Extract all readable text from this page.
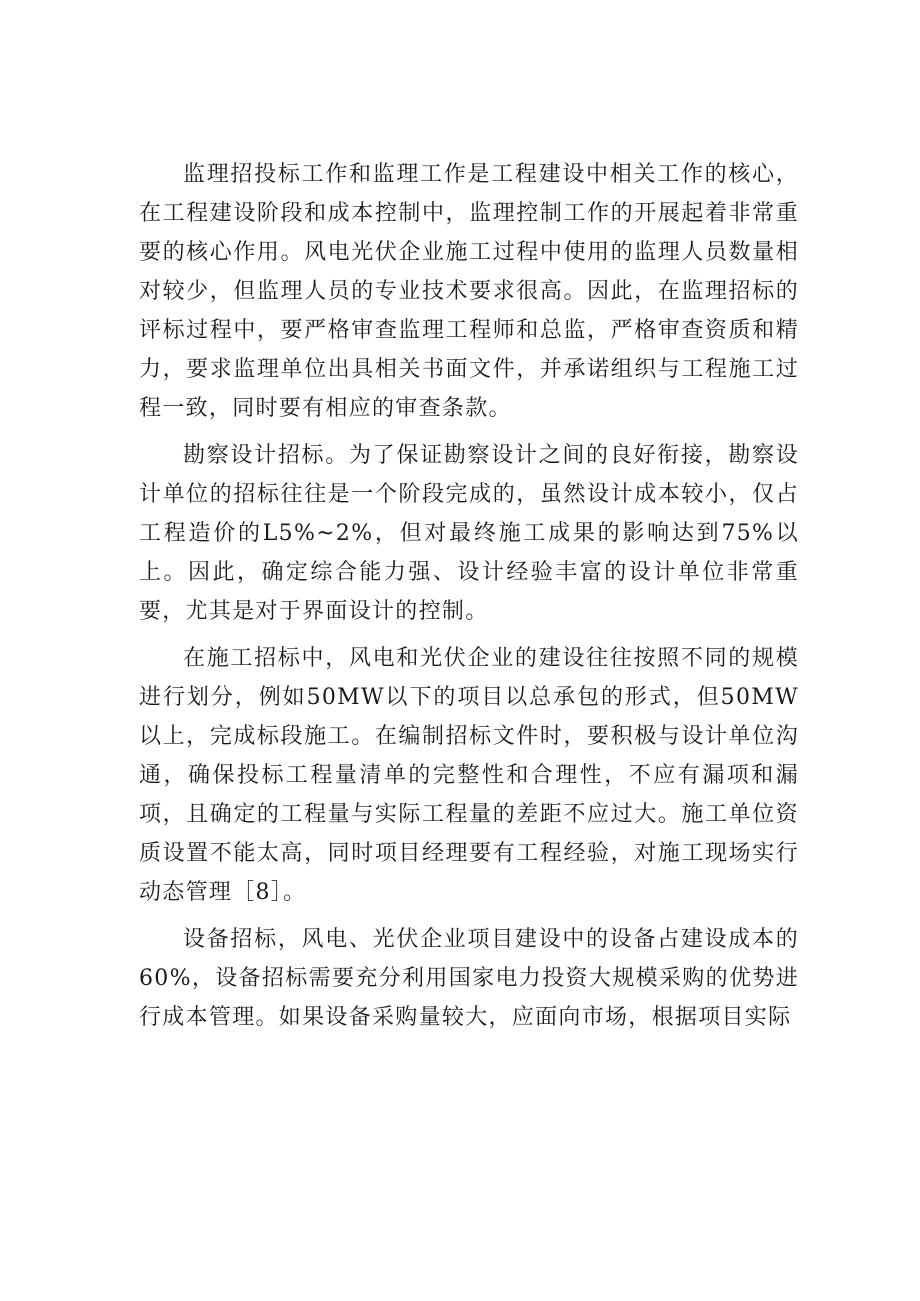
监理招投标工作和监理工作是工程建设中相关工作的核心，在工程建设阶段和成本控制中，监理控制工作的开展起着非常重要的核心作用。风电光伏企业施工过程中使用的监理人员数量相对较少，但监理人员的专业技术要求很高。因此，在监理招标的评标过程中，要严格审查监理工程师和总监，严格审查资质和精力，要求监理单位出具相关书面文件，并承诺组织与工程施工过程一致，同时要有相应的审查条款。

勘察设计招标。为了保证勘察设计之间的良好衔接，勘察设计单位的招标往往是一个阶段完成的，虽然设计成本较小，仅占工程造价的L5%~2%，但对最终施工成果的影响达到75%以上。因此，确定综合能力强、设计经验丰富的设计单位非常重要，尤其是对于界面设计的控制。

在施工招标中，风电和光伏企业的建设往往按照不同的规模进行划分，例如50MW以下的项目以总承包的形式，但50MW以上，完成标段施工。在编制招标文件时，要积极与设计单位沟通，确保投标工程量清单的完整性和合理性，不应有漏项和漏项，且确定的工程量与实际工程量的差距不应过大。施工单位资质设置不能太高，同时项目经理要有工程经验，对施工现场实行动态管理［8］。

设备招标，风电、光伏企业项目建设中的设备占建设成本的60%，设备招标需要充分利用国家电力投资大规模采购的优势进行成本管理。如果设备采购量较大，应面向市场，根据项目实际
